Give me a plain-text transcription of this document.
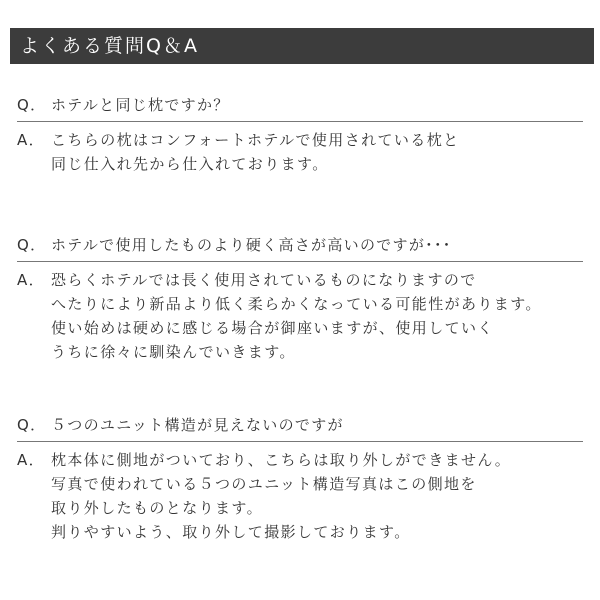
よくある質問Q＆A
Q． ホテルと同じ枕ですか？
A． こちらの枕はコンフォートホテルで使用されている枕と
同じ仕入れ先から仕入れております。
Q． ホテルで使用したものより硬く高さが高いのですが･･･
A． 恐らくホテルでは長く使用されているものになりますので
へたりにより新品より低く柔らかくなっている可能性があります。
使い始めは硬めに感じる場合が御座いますが、使用していく
うちに徐々に馴染んでいきます。
Q． ５つのユニット構造が見えないのですが
A． 枕本体に側地がついており、こちらは取り外しができません。
写真で使われている５つのユニット構造写真はこの側地を
取り外したものとなります。
判りやすいよう、取り外して撮影しております。
